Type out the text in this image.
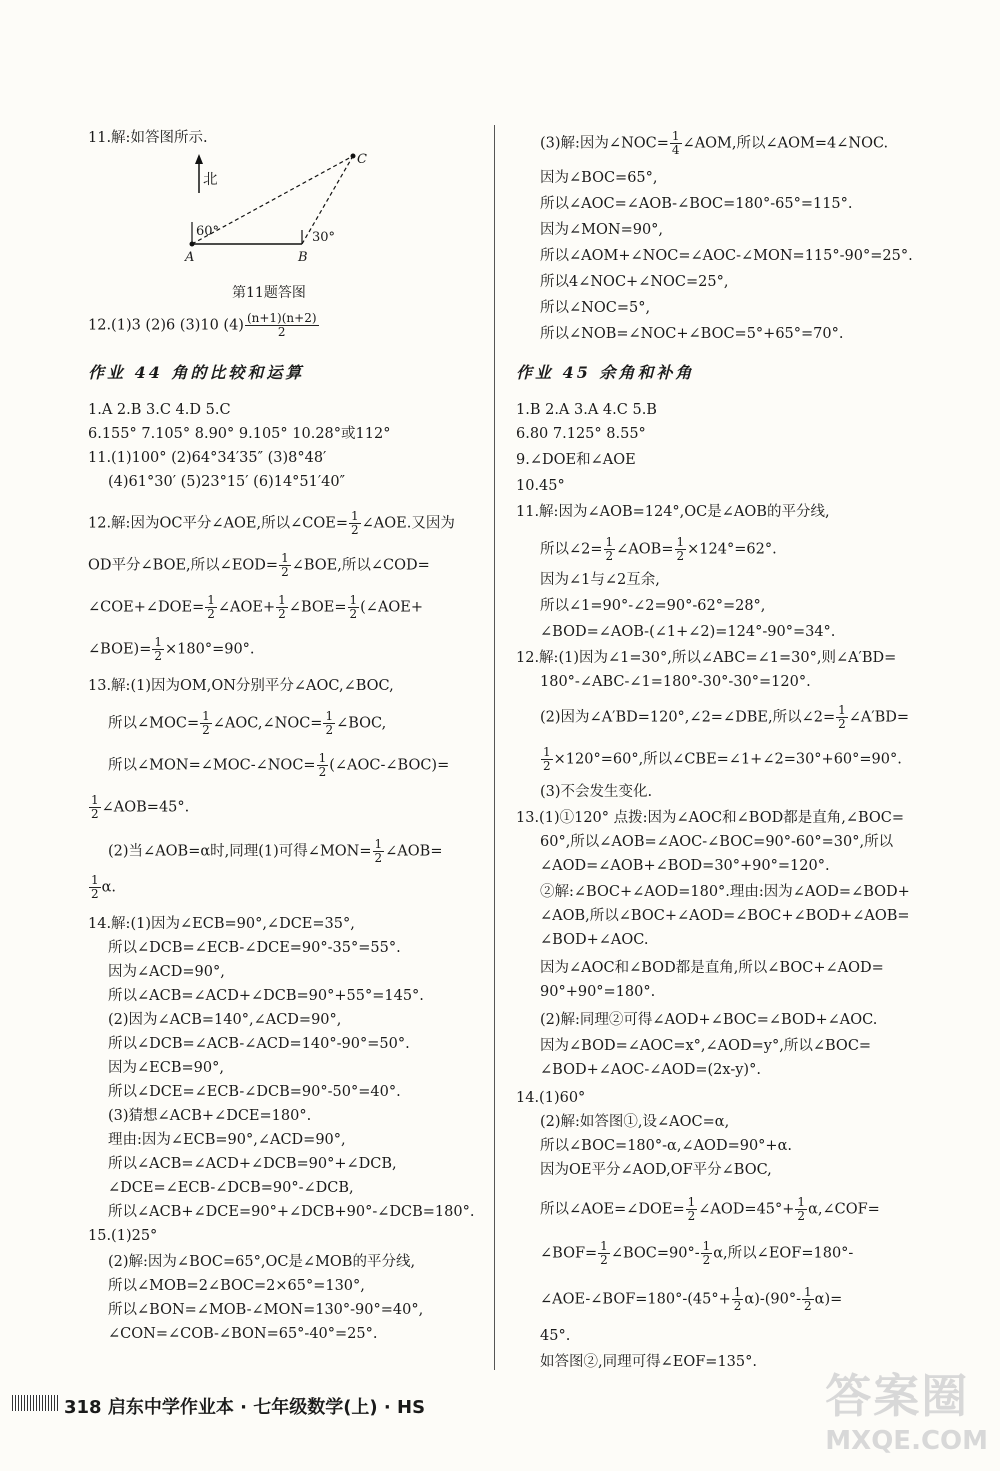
11.解:如答图所示.
北
60°	30°
A	B
C
第11题答图
12.(1)3 (2)6 (3)10 $(4) \frac{(n+1)(n+2)}{2}$
作业 44 角的比较和运算
1.A 2.B 3.C 4.D 5.C
6.155° 7.105° 8.90° 9.105° 10.28°或112°
11.(1)100° (2)64°34′35″ (3)8°48′
(4)61°30′ (5)23°15′ (6)14°51′40″
12.解:因为OC平分∠AOE,所以∠COE= $\frac{1}{2}$ ∠AOE.又因为
OD平分∠BOE,所以∠EOD= $\frac{1}{2}$ ∠BOE,所以∠COD=
∠COE+∠DOE= $\frac{1}{2}$ ∠AOE+ $\frac{1}{2}$ ∠BOE= $\frac{1}{2}$ (∠AOE+
∠BOE)= $\frac{1}{2} \times 180^\circ=90^\circ$.
13.解:(1)因为OM,ON分别平分∠AOC,∠BOC,
所以∠MOC= $\frac{1}{2}$ ∠AOC,∠NOC= $\frac{1}{2}$ ∠BOC,
所以∠MON=∠MOC-∠NOC= $\frac{1}{2}$ (∠AOC-∠BOC)=
$\frac{1}{2}$ ∠AOB=45°.
(2)当∠AOB=α时,同理(1)可得∠MON= $\frac{1}{2}$ ∠AOB=
$\frac{1}{2} \alpha$.
14.解:(1)因为∠ECB=90°,∠DCE=35°,
所以∠DCB=∠ECB-∠DCE=90°-35°=55°.
因为∠ACD=90°,
所以∠ACB=∠ACD+∠DCB=90°+55°=145°.
(2)因为∠ACB=140°,∠ACD=90°,
所以∠DCB=∠ACB-∠ACD=140°-90°=50°.
因为∠ECB=90°,
所以∠DCE=∠ECB-∠DCB=90°-50°=40°.
(3)猜想∠ACB+∠DCE=180°.
理由:因为∠ECB=90°,∠ACD=90°,
所以∠ACB=∠ACD+∠DCB=90°+∠DCB,
∠DCE=∠ECB-∠DCB=90°-∠DCB,
所以∠ACB+∠DCE=90°+∠DCB+90°-∠DCB=180°.
15.(1)25°
(2)解:因为∠BOC=65°,OC是∠MOB的平分线,
所以∠MOB=2∠BOC=2×65°=130°,
所以∠BON=∠MOB-∠MON=130°-90°=40°,
∠CON=∠COB-∠BON=65°-40°=25°.
(3)解:因为∠NOC= $\frac{1}{4}$ ∠AOM,所以∠AOM=4∠NOC.
因为∠BOC=65°,
所以∠AOC=∠AOB-∠BOC=180°-65°=115°.
因为∠MON=90°,
所以∠AOM+∠NOC=∠AOC-∠MON=115°-90°=25°.
所以4∠NOC+∠NOC=25°,
所以∠NOC=5°,
所以∠NOB=∠NOC+∠BOC=5°+65°=70°.
作业 45 余角和补角
1.B 2.A 3.A 4.C 5.B
6.80 7.125° 8.55°
9.∠DOE和∠AOE
10.45°
11.解:因为∠AOB=124°,OC是∠AOB的平分线,
所以∠2= $\frac{1}{2}$ ∠AOB= $\frac{1}{2} \times 124^\circ=62^\circ$.
因为∠1与∠2互余,
所以∠1=90°-∠2=90°-62°=28°,
∠BOD=∠AOB-(∠1+∠2)=124°-90°=34°.
12.解:(1)因为∠1=30°,所以∠ABC=∠1=30°,则∠A′BD=
180°-∠ABC-∠1=180°-30°-30°=120°.
(2)因为∠A′BD=120°,∠2=∠DBE,所以∠2= $\frac{1}{2}$ ∠A′BD=
$\frac{1}{2} \times 120^\circ=60^\circ$,所以∠CBE=∠1+∠2=30°+60°=90°.
(3)不会发生变化.
13.(1)①120° 点拨:因为∠AOC和∠BOD都是直角,∠BOC=
60°,所以∠AOB=∠AOC-∠BOC=90°-60°=30°,所以
∠AOD=∠AOB+∠BOD=30°+90°=120°.
②解:∠BOC+∠AOD=180°.理由:因为∠AOD=∠BOD+
∠AOB,所以∠BOC+∠AOD=∠BOC+∠BOD+∠AOB=
∠BOD+∠AOC.
因为∠AOC和∠BOD都是直角,所以∠BOC+∠AOD=
90°+90°=180°.
(2)解:同理②可得∠AOD+∠BOC=∠BOD+∠AOC.
因为∠BOD=∠AOC=x°,∠AOD=y°,所以∠BOC=
∠BOD+∠AOC-∠AOD=(2x-y)°.
14.(1)60°
(2)解:如答图①,设∠AOC=α,
所以∠BOC=180°-α,∠AOD=90°+α.
因为OE平分∠AOD,OF平分∠BOC,
所以∠AOE=∠DOE= $\frac{1}{2}$ ∠AOD=45°+ $\frac{1}{2}$ α,∠COF=
∠BOF= $\frac{1}{2}$ ∠BOC=90°- $\frac{1}{2} \alpha$,所以∠EOF=180°-
∠AOE-∠BOF=180°-(45°+ $\frac{1}{2} \alpha)-(90^\circ- \frac{1}{2} \alpha)=$
45°.
如答图②,同理可得∠EOF=135°.
318 启东中学作业本 · 七年级数学(上) · HS	答案圈
MXQE.COM
